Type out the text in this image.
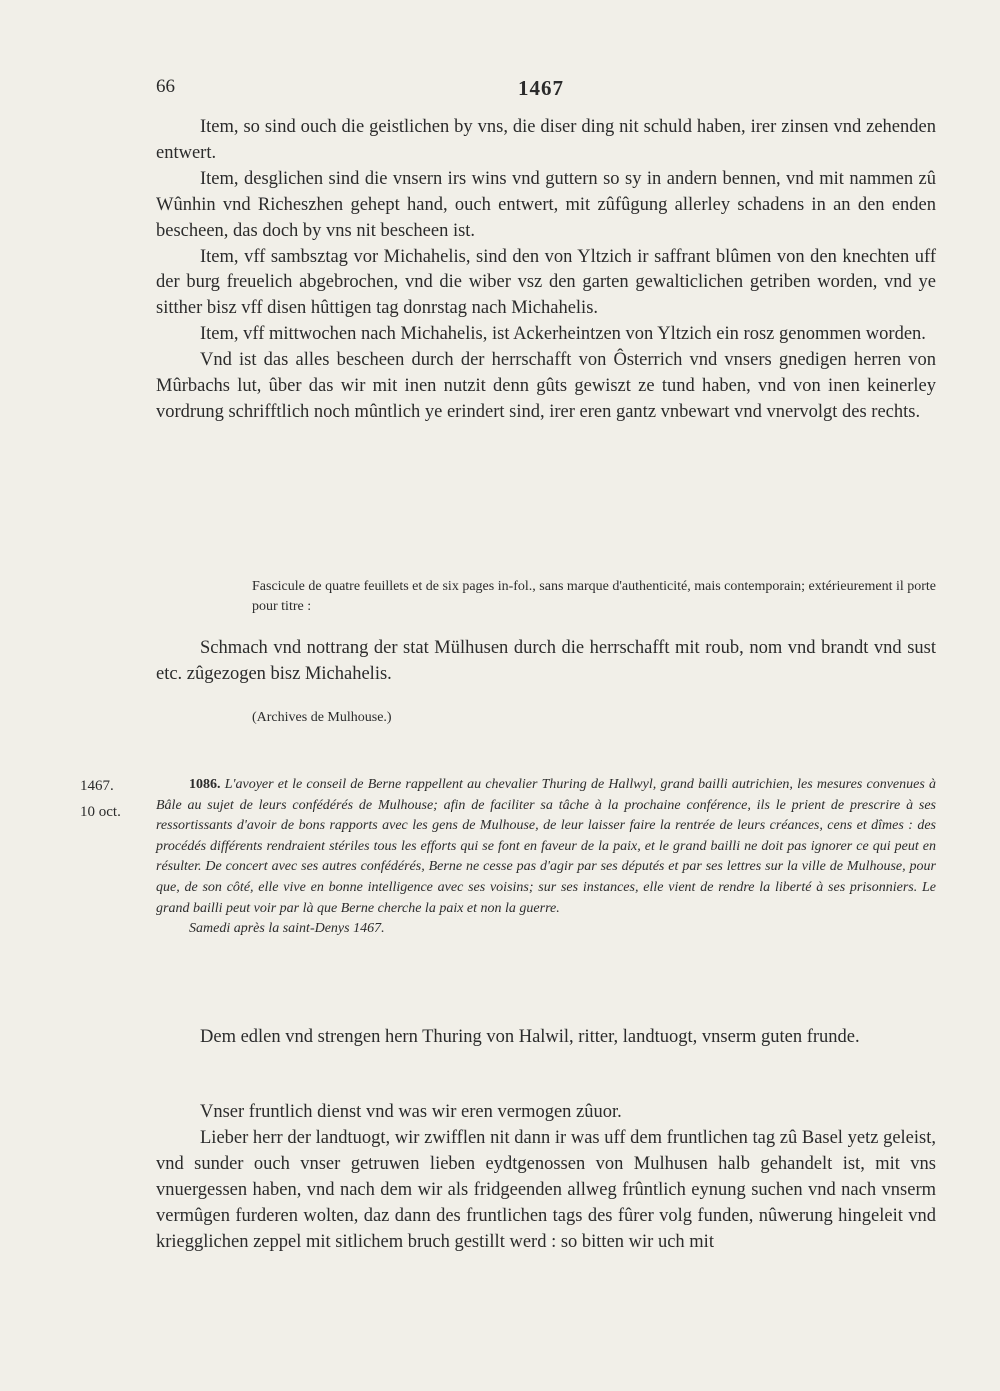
66	1467

Item, so sind ouch die geistlichen by vns, die diser ding nit schuld haben, irer zinsen vnd zehenden entwert.

Item, desglichen sind die vnsern irs wins vnd guttern so sy in andern bennen, vnd mit nammen zû Wûnhin vnd Richeszhen gehept hand, ouch entwert, mit zûfûgung allerley schadens in an den enden bescheen, das doch by vns nit bescheen ist.

Item, vff sambsztag vor Michahelis, sind den von Yltzich ir saffrant blûmen von den knechten uff der burg freuelich abgebrochen, vnd die wiber vsz den garten gewalticlichen getriben worden, vnd ye sitther bisz vff disen hûttigen tag donrstag nach Michahelis.

Item, vff mittwochen nach Michahelis, ist Ackerheintzen von Yltzich ein rosz genommen worden.

Vnd ist das alles bescheen durch der herrschafft von Ôsterrich vnd vnsers gnedigen herren von Mûrbachs lut, ûber das wir mit inen nutzit denn gûts gewiszt ze tund haben, vnd von inen keinerley vordrung schrifftlich noch mûntlich ye erindert sind, irer eren gantz vnbewart vnd vnervolgt des rechts.

Fascicule de quatre feuillets et de six pages in-fol., sans marque d'authenticité, mais contemporain; extérieurement il porte pour titre :

Schmach vnd nottrang der stat Mülhusen durch die herrschafft mit roub, nom vnd brandt vnd sust etc. zûgezogen bisz Michahelis.

(Archives de Mulhouse.)
1467.
10 oct.
1086. L'avoyer et le conseil de Berne rappellent au chevalier Thuring de Hallwyl, grand bailli autrichien, les mesures convenues à Bâle au sujet de leurs confédérés de Mulhouse; afin de faciliter sa tâche à la prochaine conférence, ils le prient de prescrire à ses ressortissants d'avoir de bons rapports avec les gens de Mulhouse, de leur laisser faire la rentrée de leurs créances, cens et dîmes : des procédés différents rendraient stériles tous les efforts qui se font en faveur de la paix, et le grand bailli ne doit pas ignorer ce qui peut en résulter. De concert avec ses autres confédérés, Berne ne cesse pas d'agir par ses députés et par ses lettres sur la ville de Mulhouse, pour que, de son côté, elle vive en bonne intelligence avec ses voisins; sur ses instances, elle vient de rendre la liberté à ses prisonniers. Le grand bailli peut voir par là que Berne cherche la paix et non la guerre.
Samedi après la saint-Denys 1467.

Dem edlen vnd strengen hern Thuring von Halwil, ritter, landtuogt, vnserm guten frunde.

Vnser fruntlich dienst vnd was wir eren vermogen zûuor.

Lieber herr der landtuogt, wir zwifflen nit dann ir was uff dem fruntlichen tag zû Basel yetz geleist, vnd sunder ouch vnser getruwen lieben eydtgenossen von Mulhusen halb gehandelt ist, mit vns vnuergessen haben, vnd nach dem wir als fridgeenden allweg frûntlich eynung suchen vnd nach vnserm vermûgen furderen wolten, daz dann des fruntlichen tags des fûrer volg funden, nûwerung hingeleit vnd kriegglichen zeppel mit sitlichem bruch gestillt werd : so bitten wir uch mit
